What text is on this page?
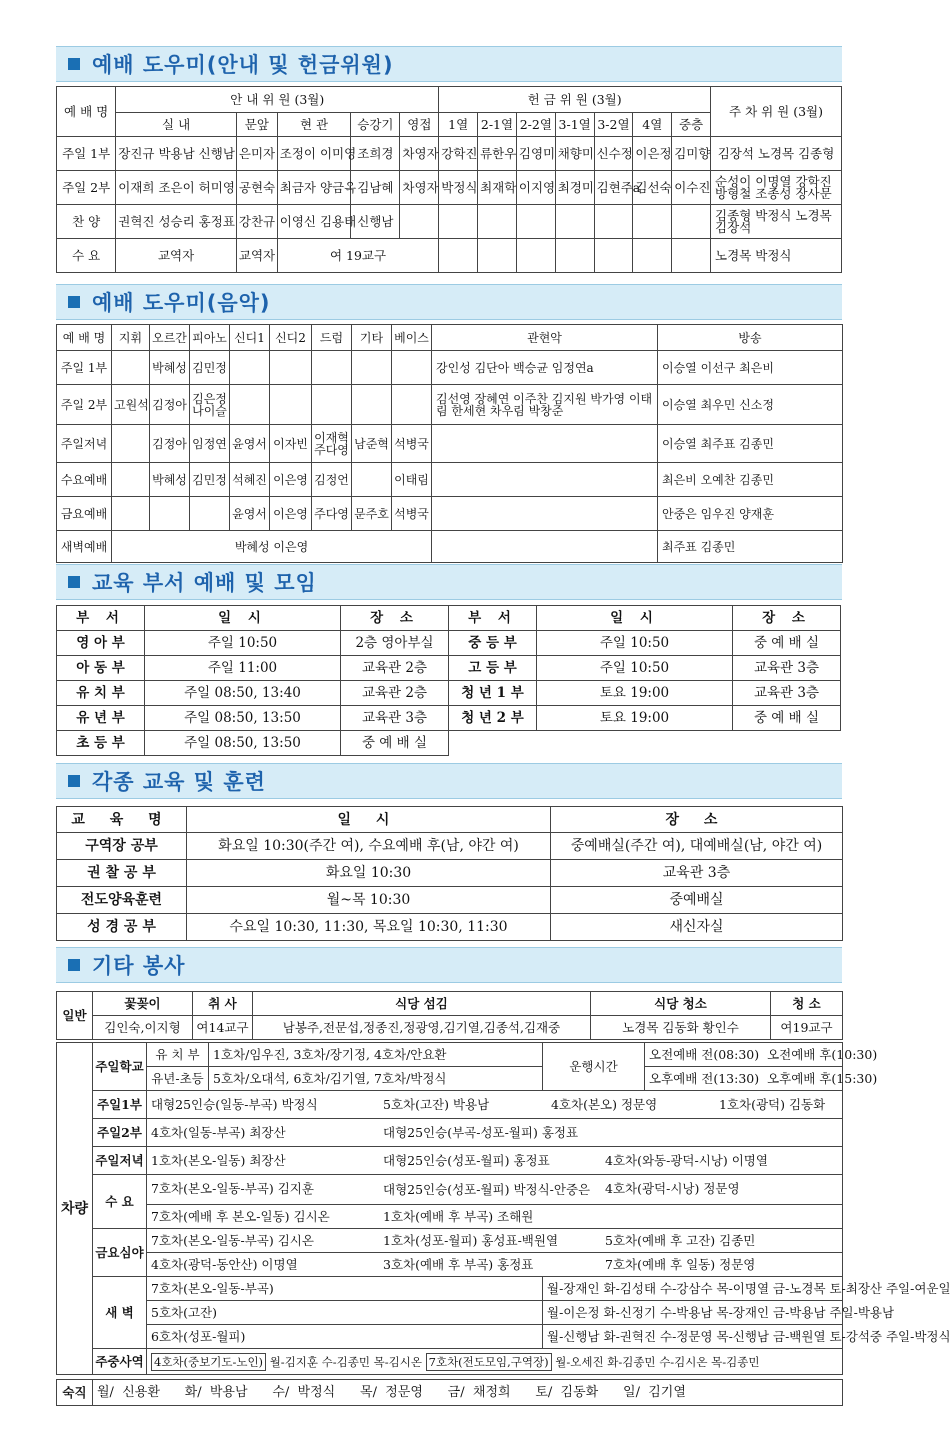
예배 도우미(안내 및 헌금위원)
예 배 명	안 내 위 원 (3월)					헌 금 위 원 (3월)							주 차 위 원 (3월)
	실 내	문앞	현 관	승강기	영접	1열	2-1열	2-2열	3-1열	3-2열	4열	중층	
주일 1부	장진규 박용남 신행남	은미자	조정이 이미영	조희경	차영자	강학진	류한우	김영미	채향미	신수정	이은정	김미향	김장석 노경목 김종형
주일 2부	이재희 조은이 허미영	공현숙	최금자 양금옥	김남혜	차영자	박정식	최재학	이지영	최경미	김현주a	김선숙	이수진	순성이 이명열 강학진 방형철 조종성 장사문
찬 양	권혁진 성승리 홍정표	강찬규	이영신 김용태	신행남									김종형 박정식 노경목 김장석
수 요	교역자	교역자	여 19교구										노경목 박정식
예배 도우미(음악)
예 배 명	지휘	오르간	피아노	신디1	신디2	드럼	기타	베이스	관현악	방송
주일 1부		박혜성	김민정						강인성 김단아 백승균 임정연a	이승열 이선구 최은비
주일 2부	고원석	김정아	김은정 나이슬						김선영 장혜연 이주찬 김지원 박가영 이태림 한세현 차우림 박창준	이승열 최우민 신소정
주일저녁		김정아	임정연	윤영서	이자빈	이재혁 주다영	남준혁	석병국		이승열 최주표 김종민
수요예배		박혜성	김민정	석혜진	이은영	김정언		이태림		최은비 오예찬 김종민
금요예배				윤영서	이은영	주다영	문주호	석병국		안중은 임우진 양재훈
새벽예배	박혜성 이은영									최주표 김종민
교육 부서 예배 및 모임
부 서	일 시	장 소	부 서	일 시	장 소
영 아 부	주일 10:50	2층 영아부실	중 등 부	주일 10:50	중 예 배 실
아 동 부	주일 11:00	교육관 2층	고 등 부	주일 10:50	교육관 3층
유 치 부	주일 08:50, 13:40	교육관 2층	청 년 1 부	토요 19:00	교육관 3층
유 년 부	주일 08:50, 13:50	교육관 3층	청 년 2 부	토요 19:00	중 예 배 실
초 등 부	주일 08:50, 13:50	중 예 배 실			
각종 교육 및 훈련
교 육 명	일 시	장 소
구역장 공부	화요일 10:30(주간 여), 수요예배 후(남, 야간 여)	중예배실(주간 여), 대예배실(남, 야간 여)
권 찰 공 부	화요일 10:30	교육관 3층
전도양육훈련	월~목 10:30	중예배실
성 경 공 부	수요일 10:30, 11:30, 목요일 10:30, 11:30	새신자실
기타 봉사
일반	꽃꽂이	취 사	식당 섬김	식당 청소	청 소
	김인숙,이지형	여14교구	남봉주,전문섭,정종진,정광영,김기열,김종석,김재중	노경목 김동화 황인수	여19교구
차량	주일학교	유 치 부	1호차/임우진, 3호차/장기정, 4호차/안요환	운행시간	오전예배 전(08:30) 오전예배 후(10:30)
		유년-초등	5호차/오대석, 6호차/김기열, 7호차/박정식		오후예배 전(13:30) 오후예배 후(15:30)
	주일1부	대형25인승(일동-부곡) 박정식 5호차(고잔) 박용남 4호차(본오) 정문영 1호차(광덕) 김동화			
	주일2부	4호차(일동-부곡) 최장산 대형25인승(부곡-성포-월피) 홍정표			
	주일저녁	1호차(본오-일동) 최장산 대형25인승(성포-월피) 홍정표 4호차(와동-광덕-시낭) 이명열			
	수 요	7호차(본오-일동-부곡) 김지훈 대형25인승(성포-월피) 박정식-안중은 4호차(광덕-시낭) 정문영			
		7호차(예배 후 본오-일동) 김시온 1호차(예배 후 부곡) 조해원			
	금요심야	7호차(본오-일동-부곡) 김시온 1호차(성포-월피) 홍성표-백원열 5호차(예배 후 고잔) 김종민			
		4호차(광덕-동안산) 이명열 3호차(예배 후 부곡) 홍정표 7호차(예배 후 일동) 정문영			
	새 벽	7호차(본오-일동-부곡)		월-장재인 화-김성태 수-강삼수 목-이명열 금-노경목 토-최장산 주일-여운일	
		5호차(고잔)		월-이은정 화-신정기 수-박용남 목-장재인 금-박용남 주일-박용남	
		6호차(성포-월피)		월-신행남 화-권혁진 수-정문영 목-신행남 금-백원열 토-강석중 주일-박정식	
	주중사역	4호차(중보기도-노인) 월-김지훈 수-김종민 목-김시온 7호차(전도모임,구역장) 월-오세진 화-김종민 수-김시온 목-김종민			
숙직	월/  신용환      화/  박용남      수/  박정식      목/  정문영      금/  채정희      토/  김동화      일/  김기열
